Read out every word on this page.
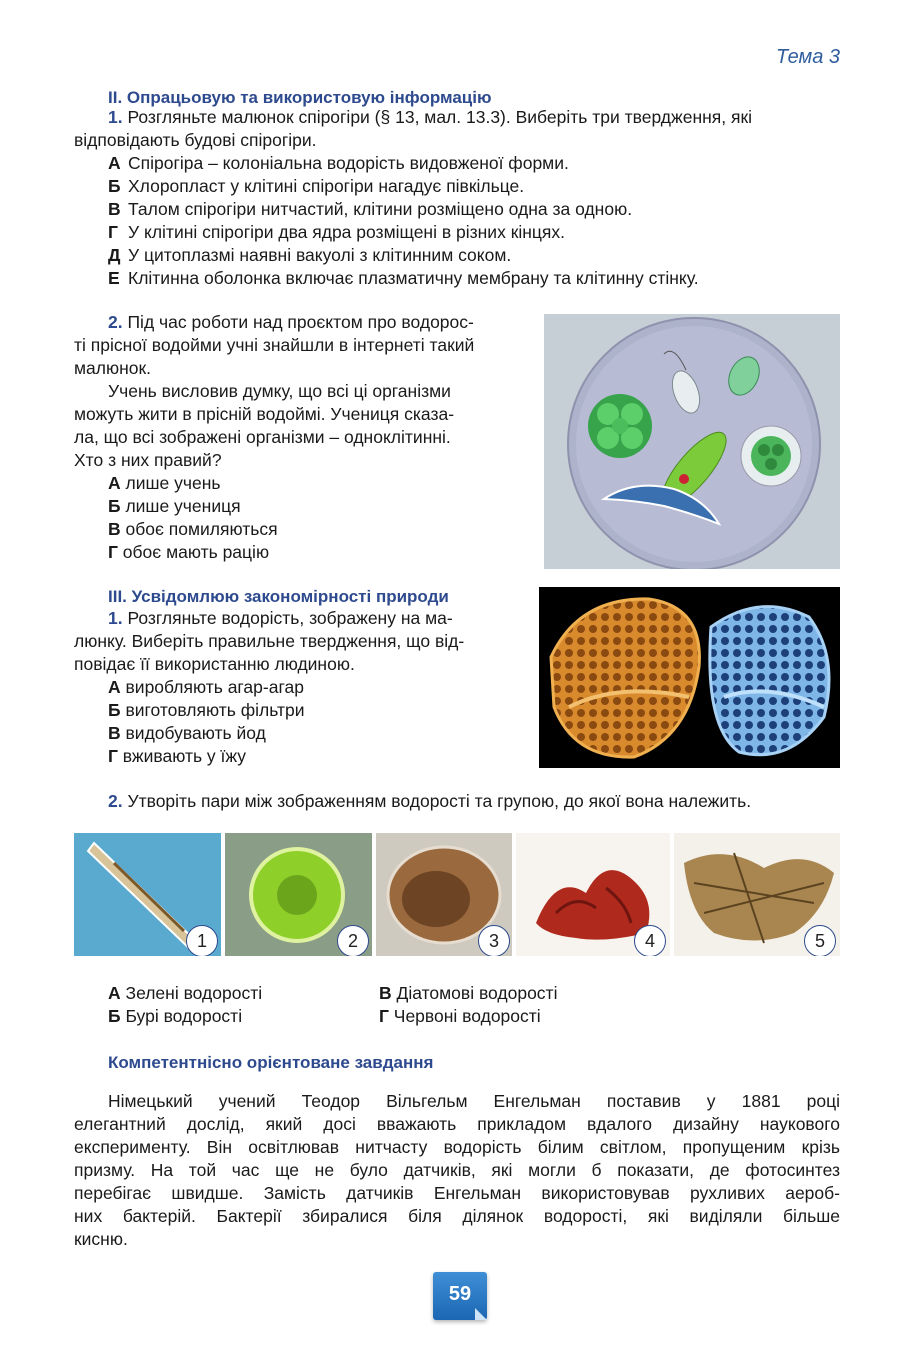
Тема 3
ІІ. Опрацьовую та використовую інформацію

1. Розгляньте малюнок спірогіри (§ 13, мал. 13.3). Виберіть три твердження, які

відповідають будові спірогіри.

А Спірогіра – колоніальна водорість видовженої форми.

Б Хлоропласт у клітині спірогіри нагадує півкільце.

В Талом спірогіри нитчастий, клітини розміщено одна за одною.

Г У клітині спірогіри два ядра розміщені в різних кінцях.

Д У цитоплазмі наявні вакуолі з клітинним соком.

Е Клітинна оболонка включає плазматичну мембрану та клітинну стінку.

2. Під час роботи над проєктом про водорос-

ті прісної водойми учні знайшли в інтернеті такий

малюнок.

Учень висловив думку, що всі ці організми

можуть жити в прісній водоймі. Учениця сказа-

ла, що всі зображені організми – одноклітинні.

Хто з них правий?

А лише учень

Б лише учениця

В обоє помиляються

Г обоє мають рацію

ІІІ. Усвідомлюю закономірності природи

1. Розгляньте водорість, зображену на ма-

люнку. Виберіть правильне твердження, що від-

повідає її використанню людиною.

А виробляють агар-агар

Б виготовляють фільтри

В видобувають йод

Г вживають у їжу

2. Утворіть пари між зображенням водорості та групою, до якої вона належить.

1	2	3	4	5

А Зелені водорості

Б Бурі водорості

В Діатомові водорості

Г Червоні водорості

Компетентнісно орієнтоване завдання

Німецький учений Теодор Вільгельм Енгельман поставив у 1881 році

елегантний дослід, який досі вважають прикладом вдалого дизайну наукового

експерименту. Він освітлював нитчасту водорість білим світлом, пропущеним крізь

призму. На той час ще не було датчиків, які могли б показати, де фотосинтез

перебігає швидше. Замість датчиків Енгельман використовував рухливих аероб-

них бактерій. Бактерії збиралися біля ділянок водорості, які виділяли більше

кисню.

59
